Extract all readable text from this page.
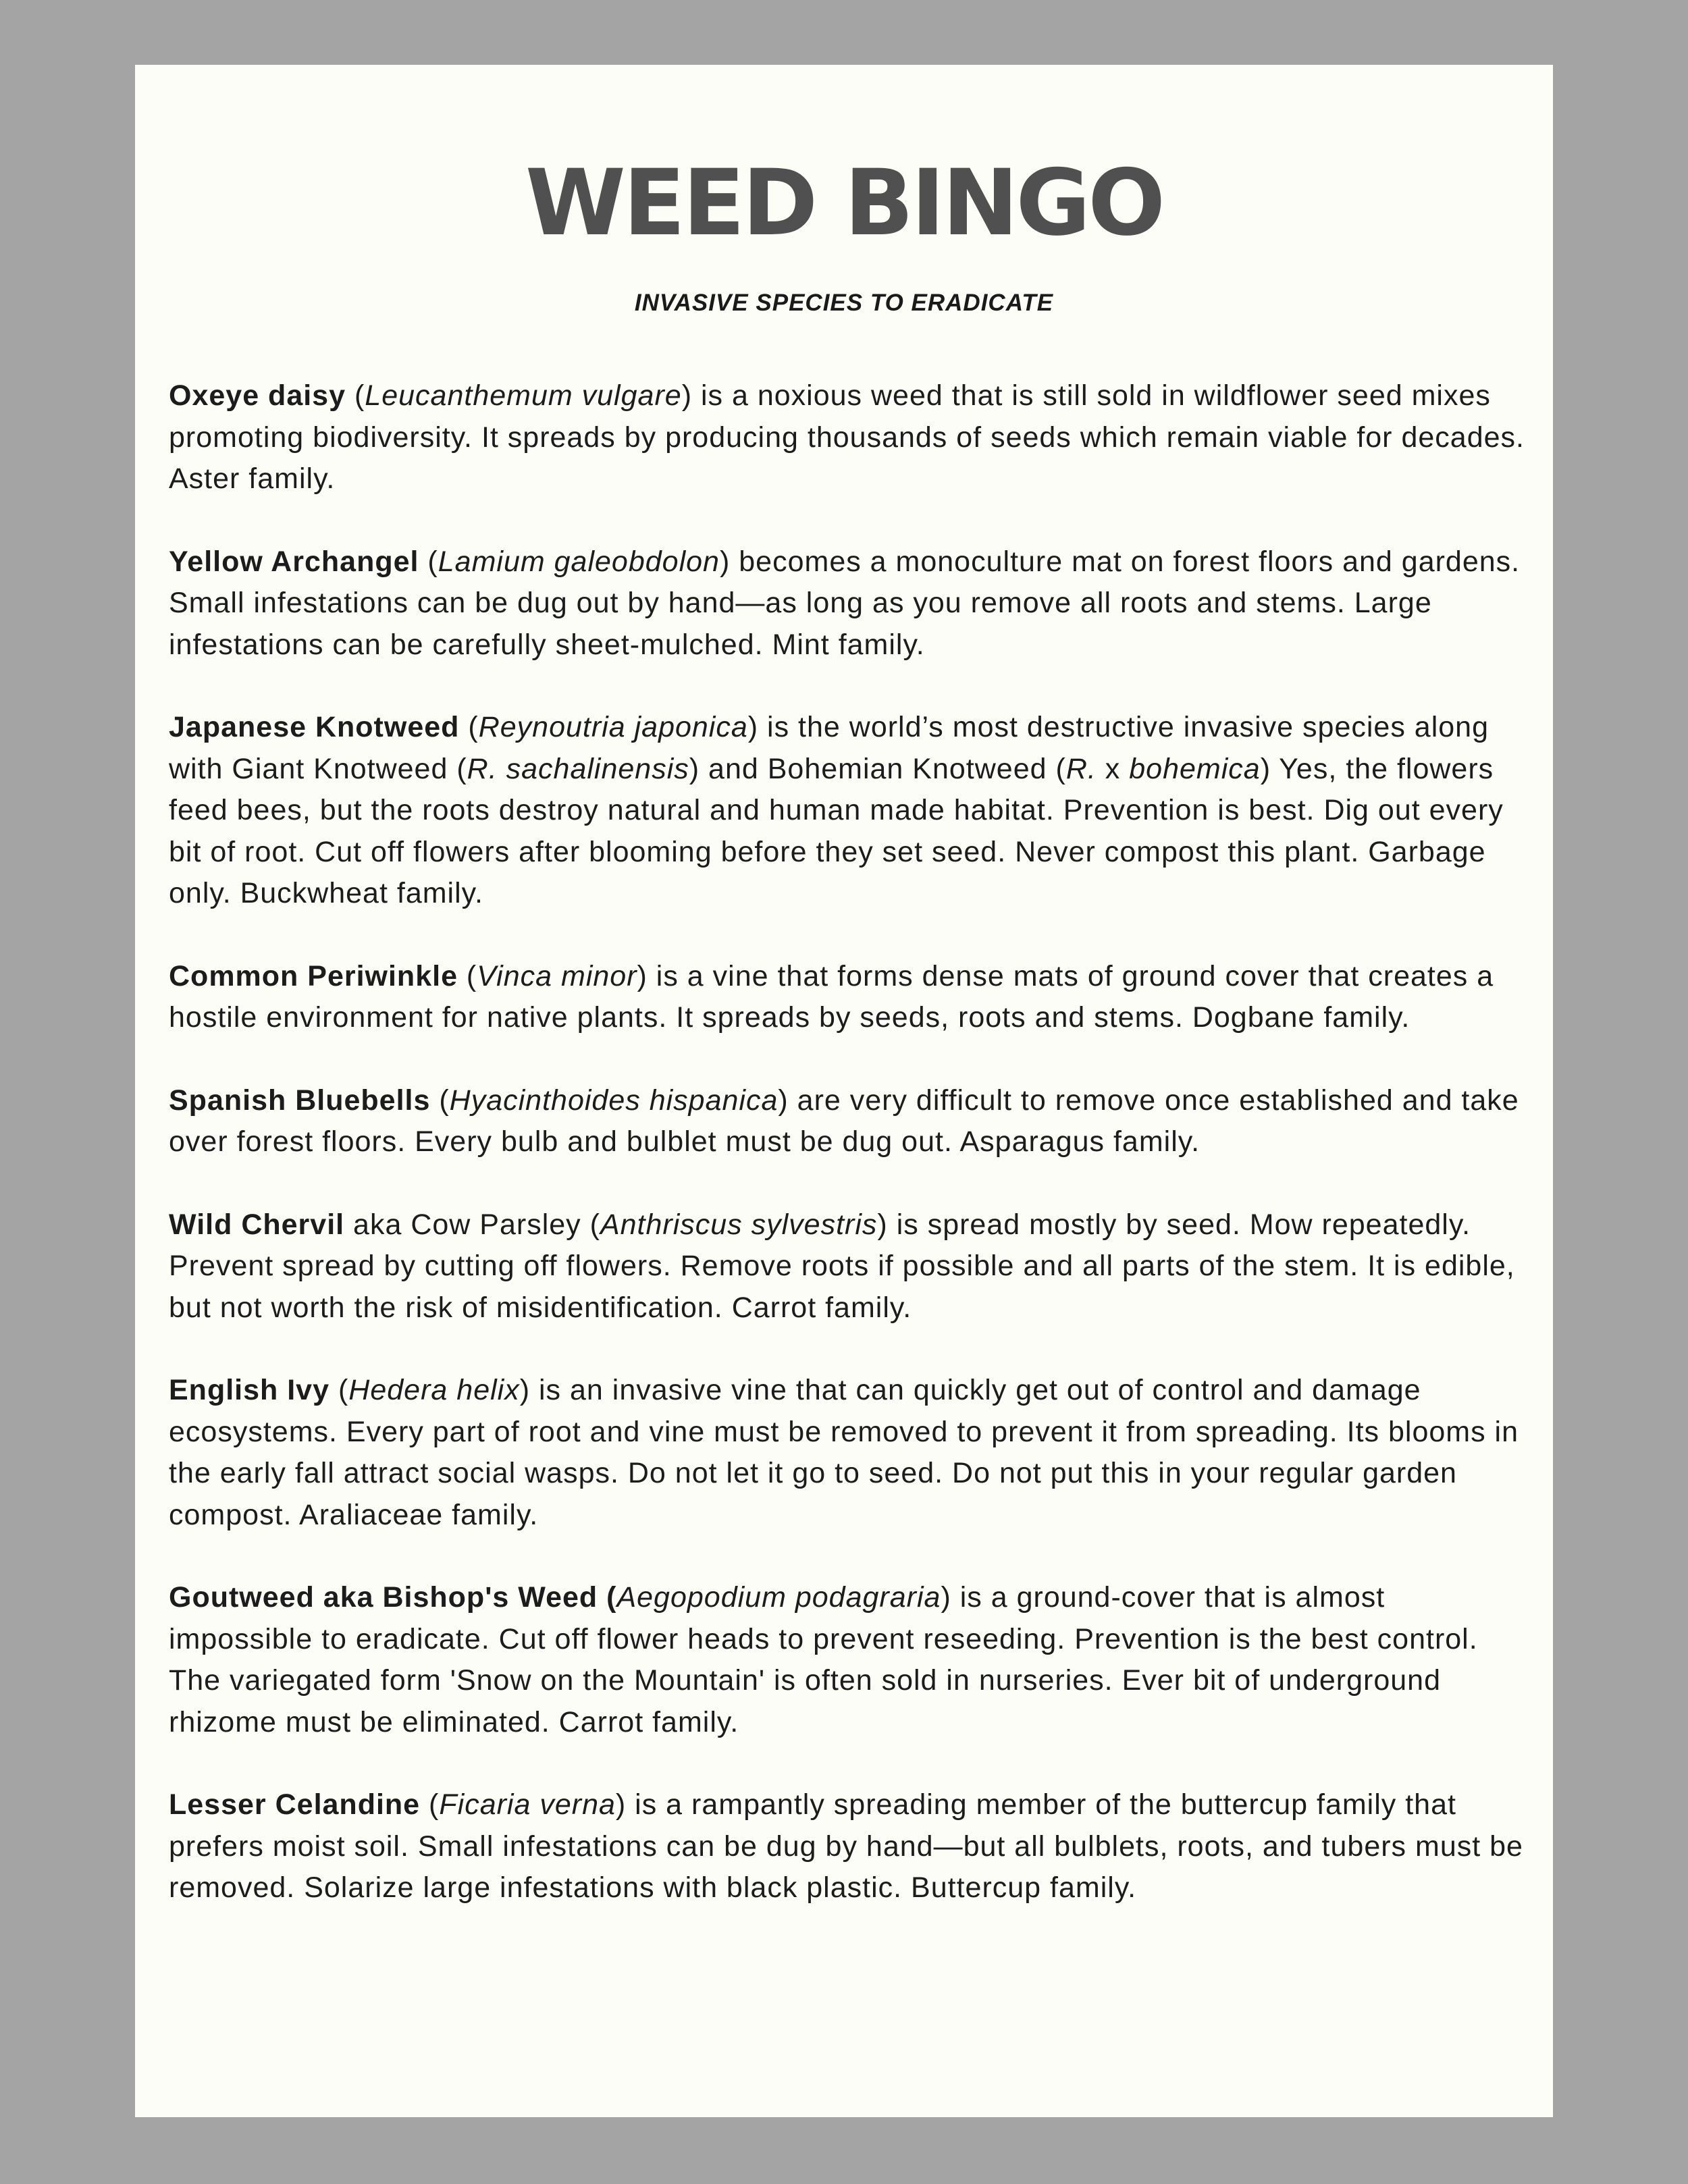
WEED BINGO
INVASIVE SPECIES TO ERADICATE

Oxeye daisy (Leucanthemum vulgare) is a noxious weed that is still sold in wildflower seed mixes promoting biodiversity. It spreads by producing thousands of seeds which remain viable for decades. Aster family.

Yellow Archangel (Lamium galeobdolon) becomes a monoculture mat on forest floors and gardens. Small infestations can be dug out by hand—as long as you remove all roots and stems. Large infestations can be carefully sheet-mulched. Mint family.

Japanese Knotweed (Reynoutria japonica) is the world’s most destructive invasive species along with Giant Knotweed (R. sachalinensis) and Bohemian Knotweed (R. x bohemica) Yes, the flowers feed bees, but the roots destroy natural and human made habitat. Prevention is best. Dig out every bit of root. Cut off flowers after blooming before they set seed. Never compost this plant. Garbage only. Buckwheat family.

Common Periwinkle (Vinca minor) is a vine that forms dense mats of ground cover that creates a hostile environment for native plants. It spreads by seeds, roots and stems. Dogbane family.

Spanish Bluebells (Hyacinthoides hispanica) are very difficult to remove once established and take over forest floors. Every bulb and bulblet must be dug out. Asparagus family.

Wild Chervil aka Cow Parsley (Anthriscus sylvestris) is spread mostly by seed. Mow repeatedly. Prevent spread by cutting off flowers. Remove roots if possible and all parts of the stem. It is edible, but not worth the risk of misidentification. Carrot family.

English Ivy (Hedera helix) is an invasive vine that can quickly get out of control and damage ecosystems. Every part of root and vine must be removed to prevent it from spreading. Its blooms in the early fall attract social wasps. Do not let it go to seed. Do not put this in your regular garden compost. Araliaceae family.

Goutweed aka Bishop's Weed (Aegopodium podagraria) is a ground-cover that is almost impossible to eradicate. Cut off flower heads to prevent reseeding. Prevention is the best control. The variegated form 'Snow on the Mountain' is often sold in nurseries. Ever bit of underground rhizome must be eliminated. Carrot family.

Lesser Celandine (Ficaria verna) is a rampantly spreading member of the buttercup family that prefers moist soil. Small infestations can be dug by hand—but all bulblets, roots, and tubers must be removed. Solarize large infestations with black plastic. Buttercup family.
